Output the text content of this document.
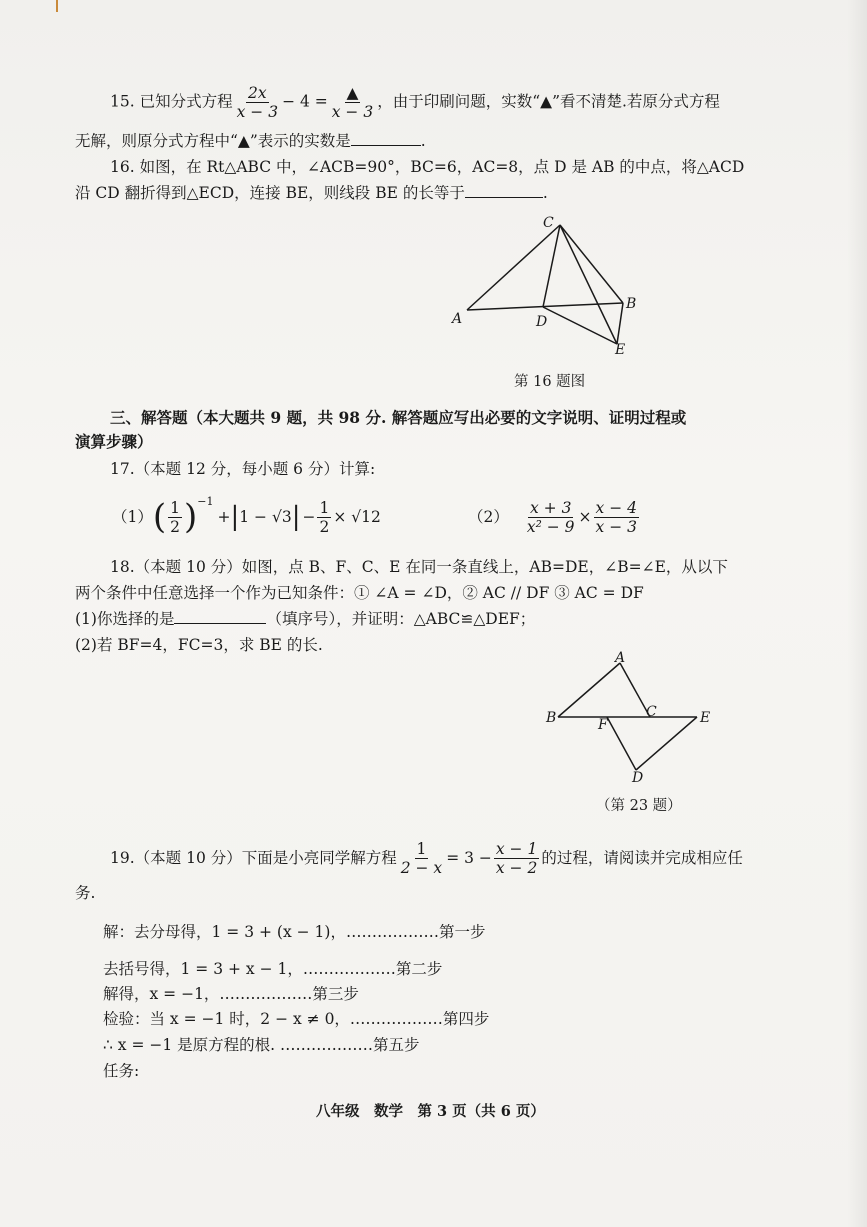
15. 已知分式方程 $\frac{2x}{x - 3} - 4 = \frac{▲}{x - 3}$ ，由于印刷问题，实数“▲”看不清楚.若原分式方程
无解，则原分式方程中“▲”表示的实数是	.
16. 如图，在 Rt△ABC 中，∠ACB=90°，BC=6，AC=8，点 D 是 AB 的中点，将△ACD
沿 CD 翻折得到△ECD，连接 BE，则线段 BE 的长等于	.
A
C
B
D
E
第 16 题图
三、解答题（本大题共 9 题，共 98 分. 解答题应写出必要的文字说明、证明过程或
演算步骤）
17.（本题 12 分，每小题 6 分）计算:
（1） ( $\frac{1}{2} )^{-1}$
+ | 1 − √3 | − $\frac{1}{2} \times √12$	$(2) \frac{x + 3}{\text{x² − 9}} \times \frac{x - 4}{x - 3}$
18.（本题 10 分）如图，点 B、F、C、E 在同一条直线上，AB=DE，∠B=∠E，从以下
两个条件中任意选择一个作为已知条件：① ∠A = ∠D，② AC // DF ③ AC = DF
(1)你选择的是	（填序号），并证明：△ABC≌△DEF；
(2)若 BF=4，FC=3，求 BE 的长.
A
B	F
C	E
D
（第 23 题）
19.（本题 10 分）下面是小亮同学解方程 $\frac{1}{2 - x} = 3 - \frac{x - 1}{x - 2}$ 的过程，请阅读并完成相应任
务.
解：去分母得，1 = 3 + (x − 1)，………………第一步
去括号得，1 = 3 + x − 1，………………第二步
解得，x = −1，………………第三步
检验：当 x = −1 时，2 − x ≠ 0，………………第四步
∴ x = −1 是原方程的根. ………………第五步
任务:
八年级　数学　第 3 页（共 6 页）
